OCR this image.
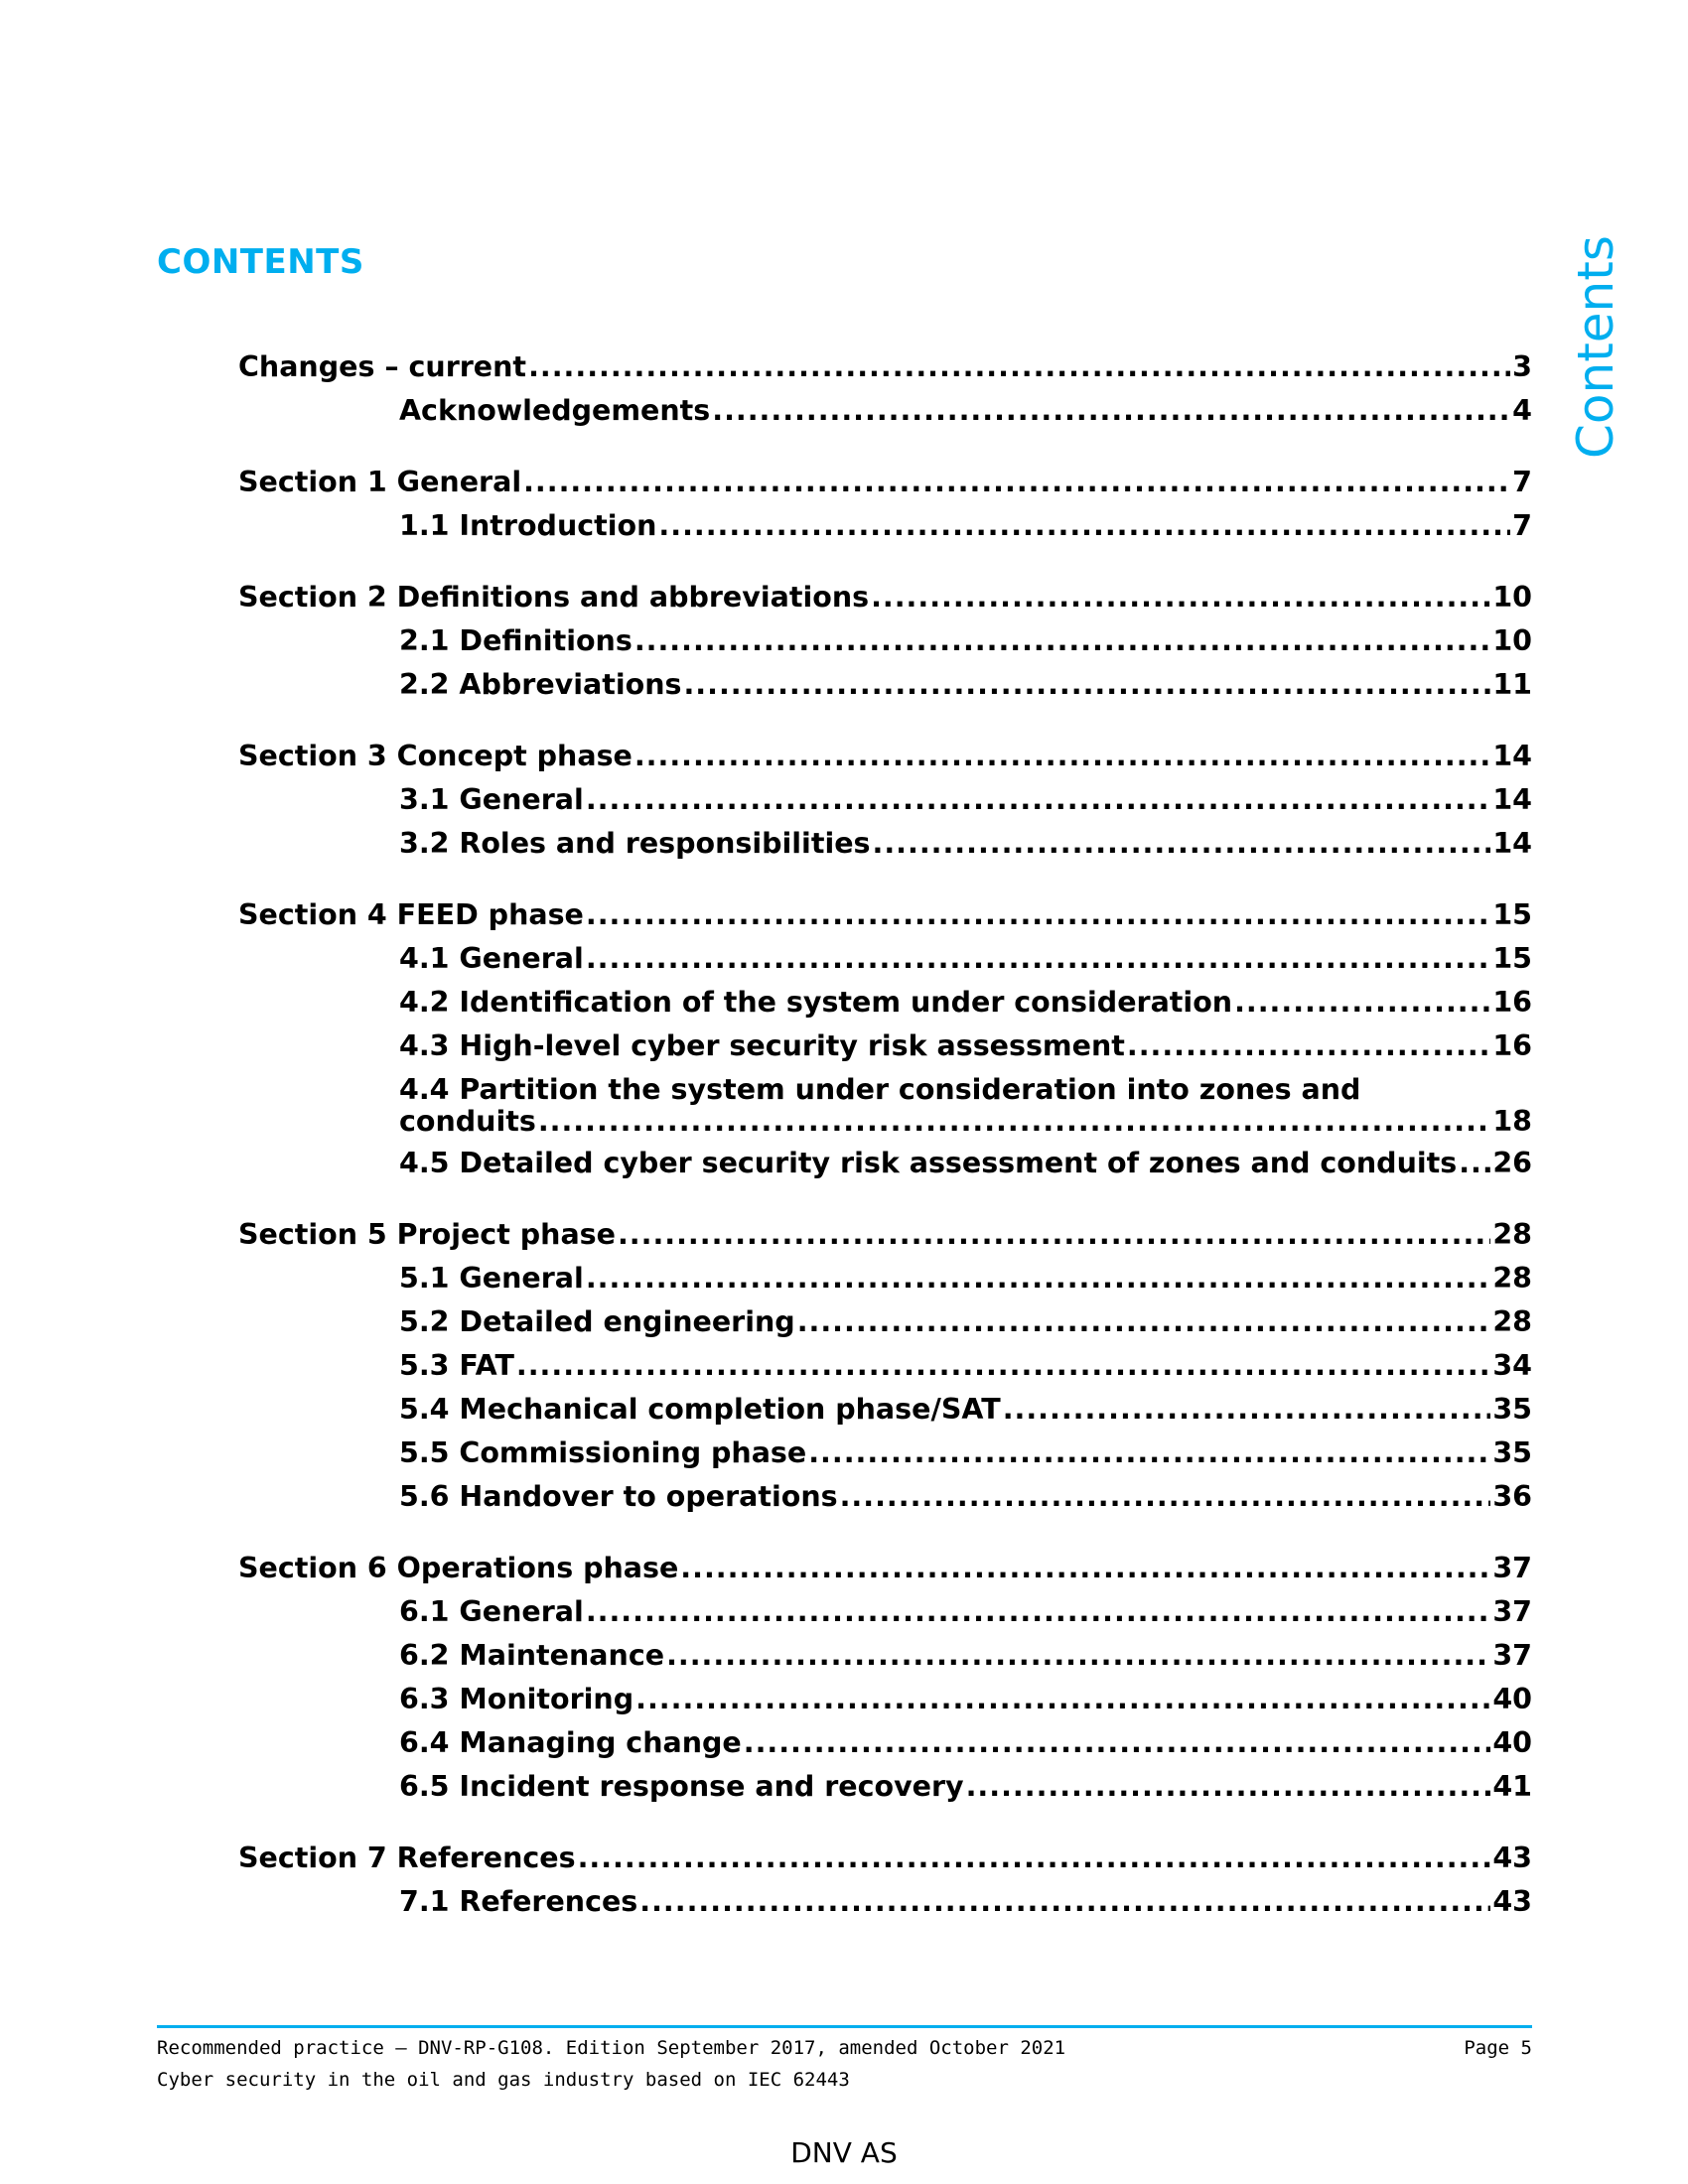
CONTENTS	Contents
Changes – current .....	3
Acknowledgements .....	4
Section 1 General .....	7
1.1 Introduction .....	7
Section 2 Definitions and abbreviations .....	10
2.1 Definitions .....	10
2.2 Abbreviations .....	11
Section 3 Concept phase .....	14
3.1 General .....	14
3.2 Roles and responsibilities .....	14
Section 4 FEED phase .....	15
4.1 General .....	15
4.2 Identification of the system under consideration .....	16
4.3 High-level cyber security risk assessment .....	16
4.4 Partition the system under consideration into zones and
conduits .....	18
4.5 Detailed cyber security risk assessment of zones and conduits ..... 26
Section 5 Project phase .....	28
5.1 General .....	28
5.2 Detailed engineering .....	28
5.3 FAT .....	34
5.4 Mechanical completion phase/SAT .....	35
5.5 Commissioning phase .....	35
5.6 Handover to operations .....	36
Section 6 Operations phase .....	37
6.1 General .....	37
6.2 Maintenance .....	37
6.3 Monitoring .....	40
6.4 Managing change .....	40
6.5 Incident response and recovery .....	41
Section 7 References .....	43
7.1 References .....	43
Recommended practice — DNV-RP-G108. Edition September 2017, amended October 2021	Page 5
Cyber security in the oil and gas industry based on IEC 62443
DNV AS
